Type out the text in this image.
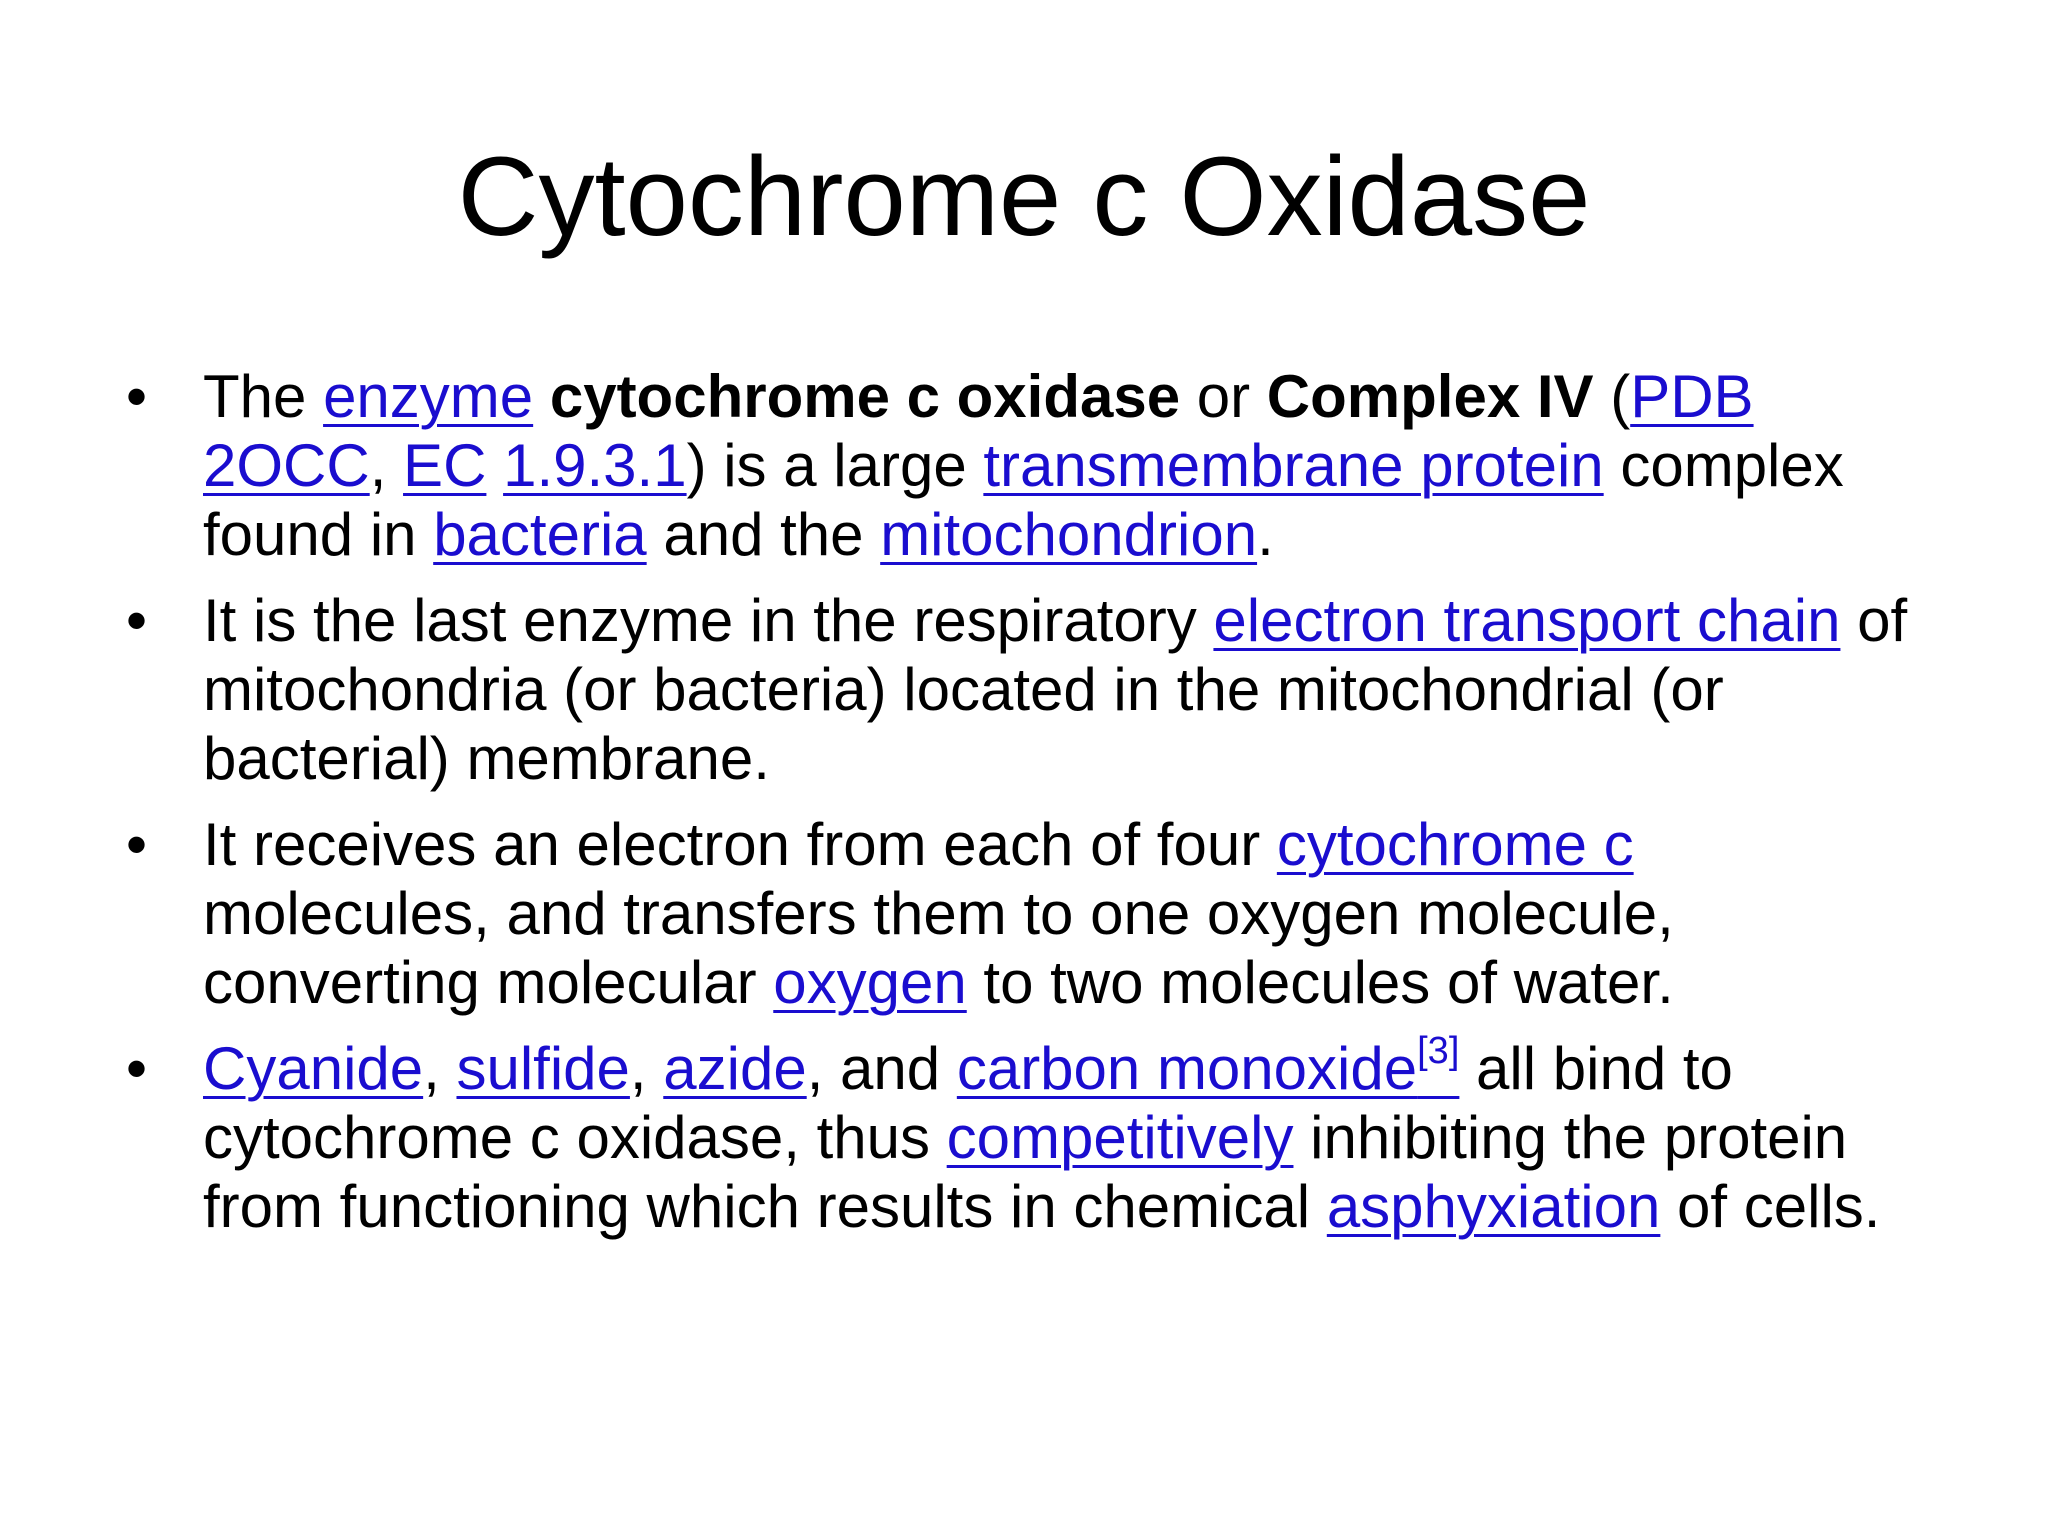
Cytochrome c Oxidase
• The enzyme cytochrome c oxidase or Complex IV (PDB 2OCC, EC 1.9.3.1) is a large transmembrane protein complex found in bacteria and the mitochondrion.
• It is the last enzyme in the respiratory electron transport chain of mitochondria (or bacteria) located in the mitochondrial (or bacterial) membrane.
• It receives an electron from each of four cytochrome c molecules, and transfers them to one oxygen molecule, converting molecular oxygen to two molecules of water.
• Cyanide, sulfide, azide, and carbon monoxide[3] all bind to cytochrome c oxidase, thus competitively inhibiting the protein from functioning which results in chemical asphyxiation of cells.
